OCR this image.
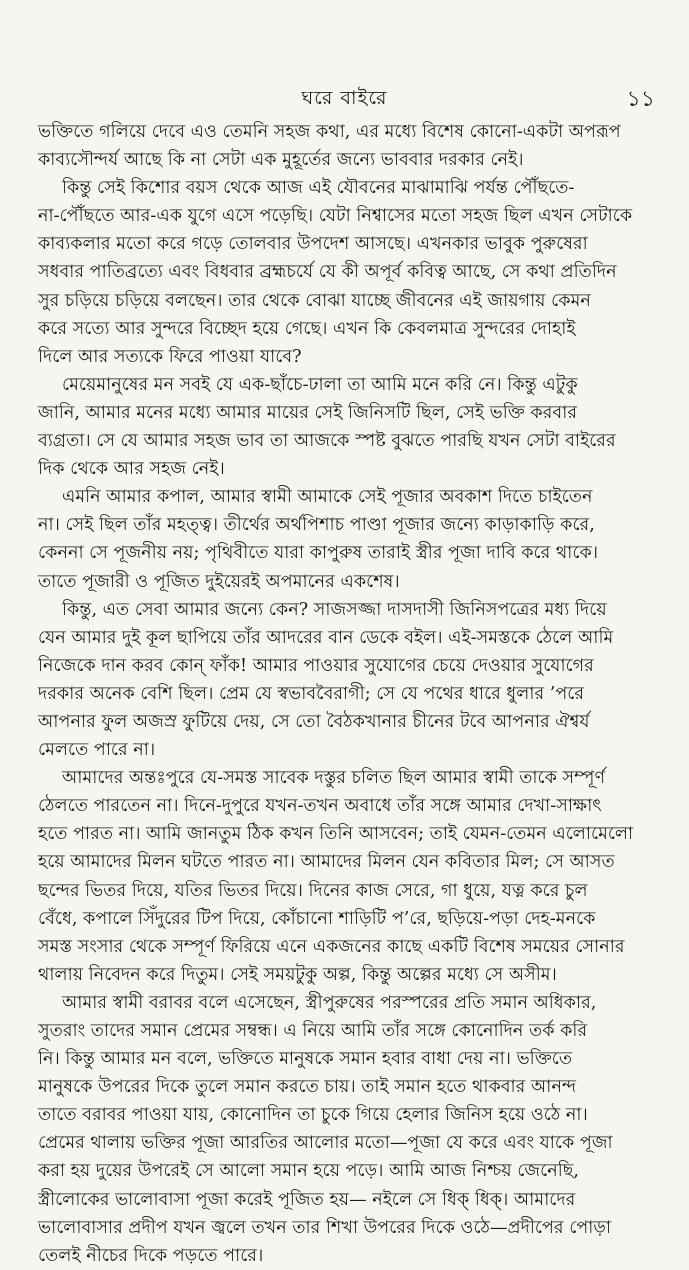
ঘরে বাইরে	১১
ভক্তিতে গলিয়ে দেবে এও তেমনি সহজ কথা, এর মধ্যে বিশেষ কোনো-একটা অপরূপ
কাব্যসৌন্দর্য আছে কি না সেটা এক মুহূর্তের জন্যে ভাববার দরকার নেই।
কিন্তু সেই কিশোর বয়স থেকে আজ এই যৌবনের মাঝামাঝি পর্যন্ত পৌঁছতে-
না-পৌঁছতে আর-এক যুগে এসে পড়েছি। যেটা নিশ্বাসের মতো সহজ ছিল এখন সেটাকে
কাব্যকলার মতো করে গড়ে তোলবার উপদেশ আসছে। এখনকার ভাবুক পুরুষেরা
সধবার পাতিব্রত্যে এবং বিধবার ব্রহ্মচর্যে যে কী অপূর্ব কবিত্ব আছে, সে কথা প্রতিদিন
সুর চড়িয়ে চড়িয়ে বলছেন। তার থেকে বোঝা যাচ্ছে জীবনের এই জায়গায় কেমন
করে সত্যে আর সুন্দরে বিচ্ছেদ হয়ে গেছে। এখন কি কেবলমাত্র সুন্দরের দোহাই
দিলে আর সত্যকে ফিরে পাওয়া যাবে?
মেয়েমানুষের মন সবই যে এক-ছাঁচে-ঢালা তা আমি মনে করি নে। কিন্তু এটুকু
জানি, আমার মনের মধ্যে আমার মায়ের সেই জিনিসটি ছিল, সেই ভক্তি করবার
ব্যগ্রতা। সে যে আমার সহজ ভাব তা আজকে স্পষ্ট বুঝতে পারছি যখন সেটা বাইরের
দিক থেকে আর সহজ নেই।
এমনি আমার কপাল, আমার স্বামী আমাকে সেই পূজার অবকাশ দিতে চাইতেন
না। সেই ছিল তাঁর মহত্ত্ব। তীর্থের অর্থপিশাচ পাণ্ডা পূজার জন্যে কাড়াকাড়ি করে,
কেননা সে পূজনীয় নয়; পৃথিবীতে যারা কাপুরুষ তারাই স্ত্রীর পূজা দাবি করে থাকে।
তাতে পূজারী ও পূজিত দুইয়েরই অপমানের একশেষ।
কিন্তু, এত সেবা আমার জন্যে কেন? সাজসজ্জা দাসদাসী জিনিসপত্রের মধ্য দিয়ে
যেন আমার দুই কূল ছাপিয়ে তাঁর আদরের বান ডেকে বইল। এই-সমস্তকে ঠেলে আমি
নিজেকে দান করব কোন্ ফাঁক! আমার পাওয়ার সুযোগের চেয়ে দেওয়ার সুযোগের
দরকার অনেক বেশি ছিল। প্রেম যে স্বভাববৈরাগী; সে যে পথের ধারে ধুলার ’পরে
আপনার ফুল অজস্র ফুটিয়ে দেয়, সে তো বৈঠকখানার চীনের টবে আপনার ঐশ্বর্য
মেলতে পারে না।
আমাদের অন্তঃপুরে যে-সমস্ত সাবেক দস্তুর চলিত ছিল আমার স্বামী তাকে সম্পূর্ণ
ঠেলতে পারতেন না। দিনে-দুপুরে যখন-তখন অবাধে তাঁর সঙ্গে আমার দেখা-সাক্ষাৎ
হতে পারত না। আমি জানতুম ঠিক কখন তিনি আসবেন; তাই যেমন-তেমন এলোমেলো
হয়ে আমাদের মিলন ঘটতে পারত না। আমাদের মিলন যেন কবিতার মিল; সে আসত
ছন্দের ভিতর দিয়ে, যতির ভিতর দিয়ে। দিনের কাজ সেরে, গা ধুয়ে, যত্ন করে চুল
বেঁধে, কপালে সিঁদুরের টিপ দিয়ে, কোঁচানো শাড়িটি প’রে, ছড়িয়ে-পড়া দেহ-মনকে
সমস্ত সংসার থেকে সম্পূর্ণ ফিরিয়ে এনে একজনের কাছে একটি বিশেষ সময়ের সোনার
থালায় নিবেদন করে দিতুম। সেই সময়টুকু অল্প, কিন্তু অল্পের মধ্যে সে অসীম।
আমার স্বামী বরাবর বলে এসেছেন, স্ত্রীপুরুষের পরস্পরের প্রতি সমান অধিকার,
সুতরাং তাদের সমান প্রেমের সম্বন্ধ। এ নিয়ে আমি তাঁর সঙ্গে কোনোদিন তর্ক করি
নি। কিন্তু আমার মন বলে, ভক্তিতে মানুষকে সমান হবার বাধা দেয় না। ভক্তিতে
মানুষকে উপরের দিকে তুলে সমান করতে চায়। তাই সমান হতে থাকবার আনন্দ
তাতে বরাবর পাওয়া যায়, কোনোদিন তা চুকে গিয়ে হেলার জিনিস হয়ে ওঠে না।
প্রেমের থালায় ভক্তির পূজা আরতির আলোর মতো—পূজা যে করে এবং যাকে পূজা
করা হয় দুয়ের উপরেই সে আলো সমান হয়ে পড়ে। আমি আজ নিশ্চয় জেনেছি,
স্ত্রীলোকের ভালোবাসা পূজা করেই পূজিত হয়— নইলে সে ধিক্ ধিক্। আমাদের
ভালোবাসার প্রদীপ যখন জ্বলে তখন তার শিখা উপরের দিকে ওঠে—প্রদীপের পোড়া
তেলই নীচের দিকে পড়তে পারে।
